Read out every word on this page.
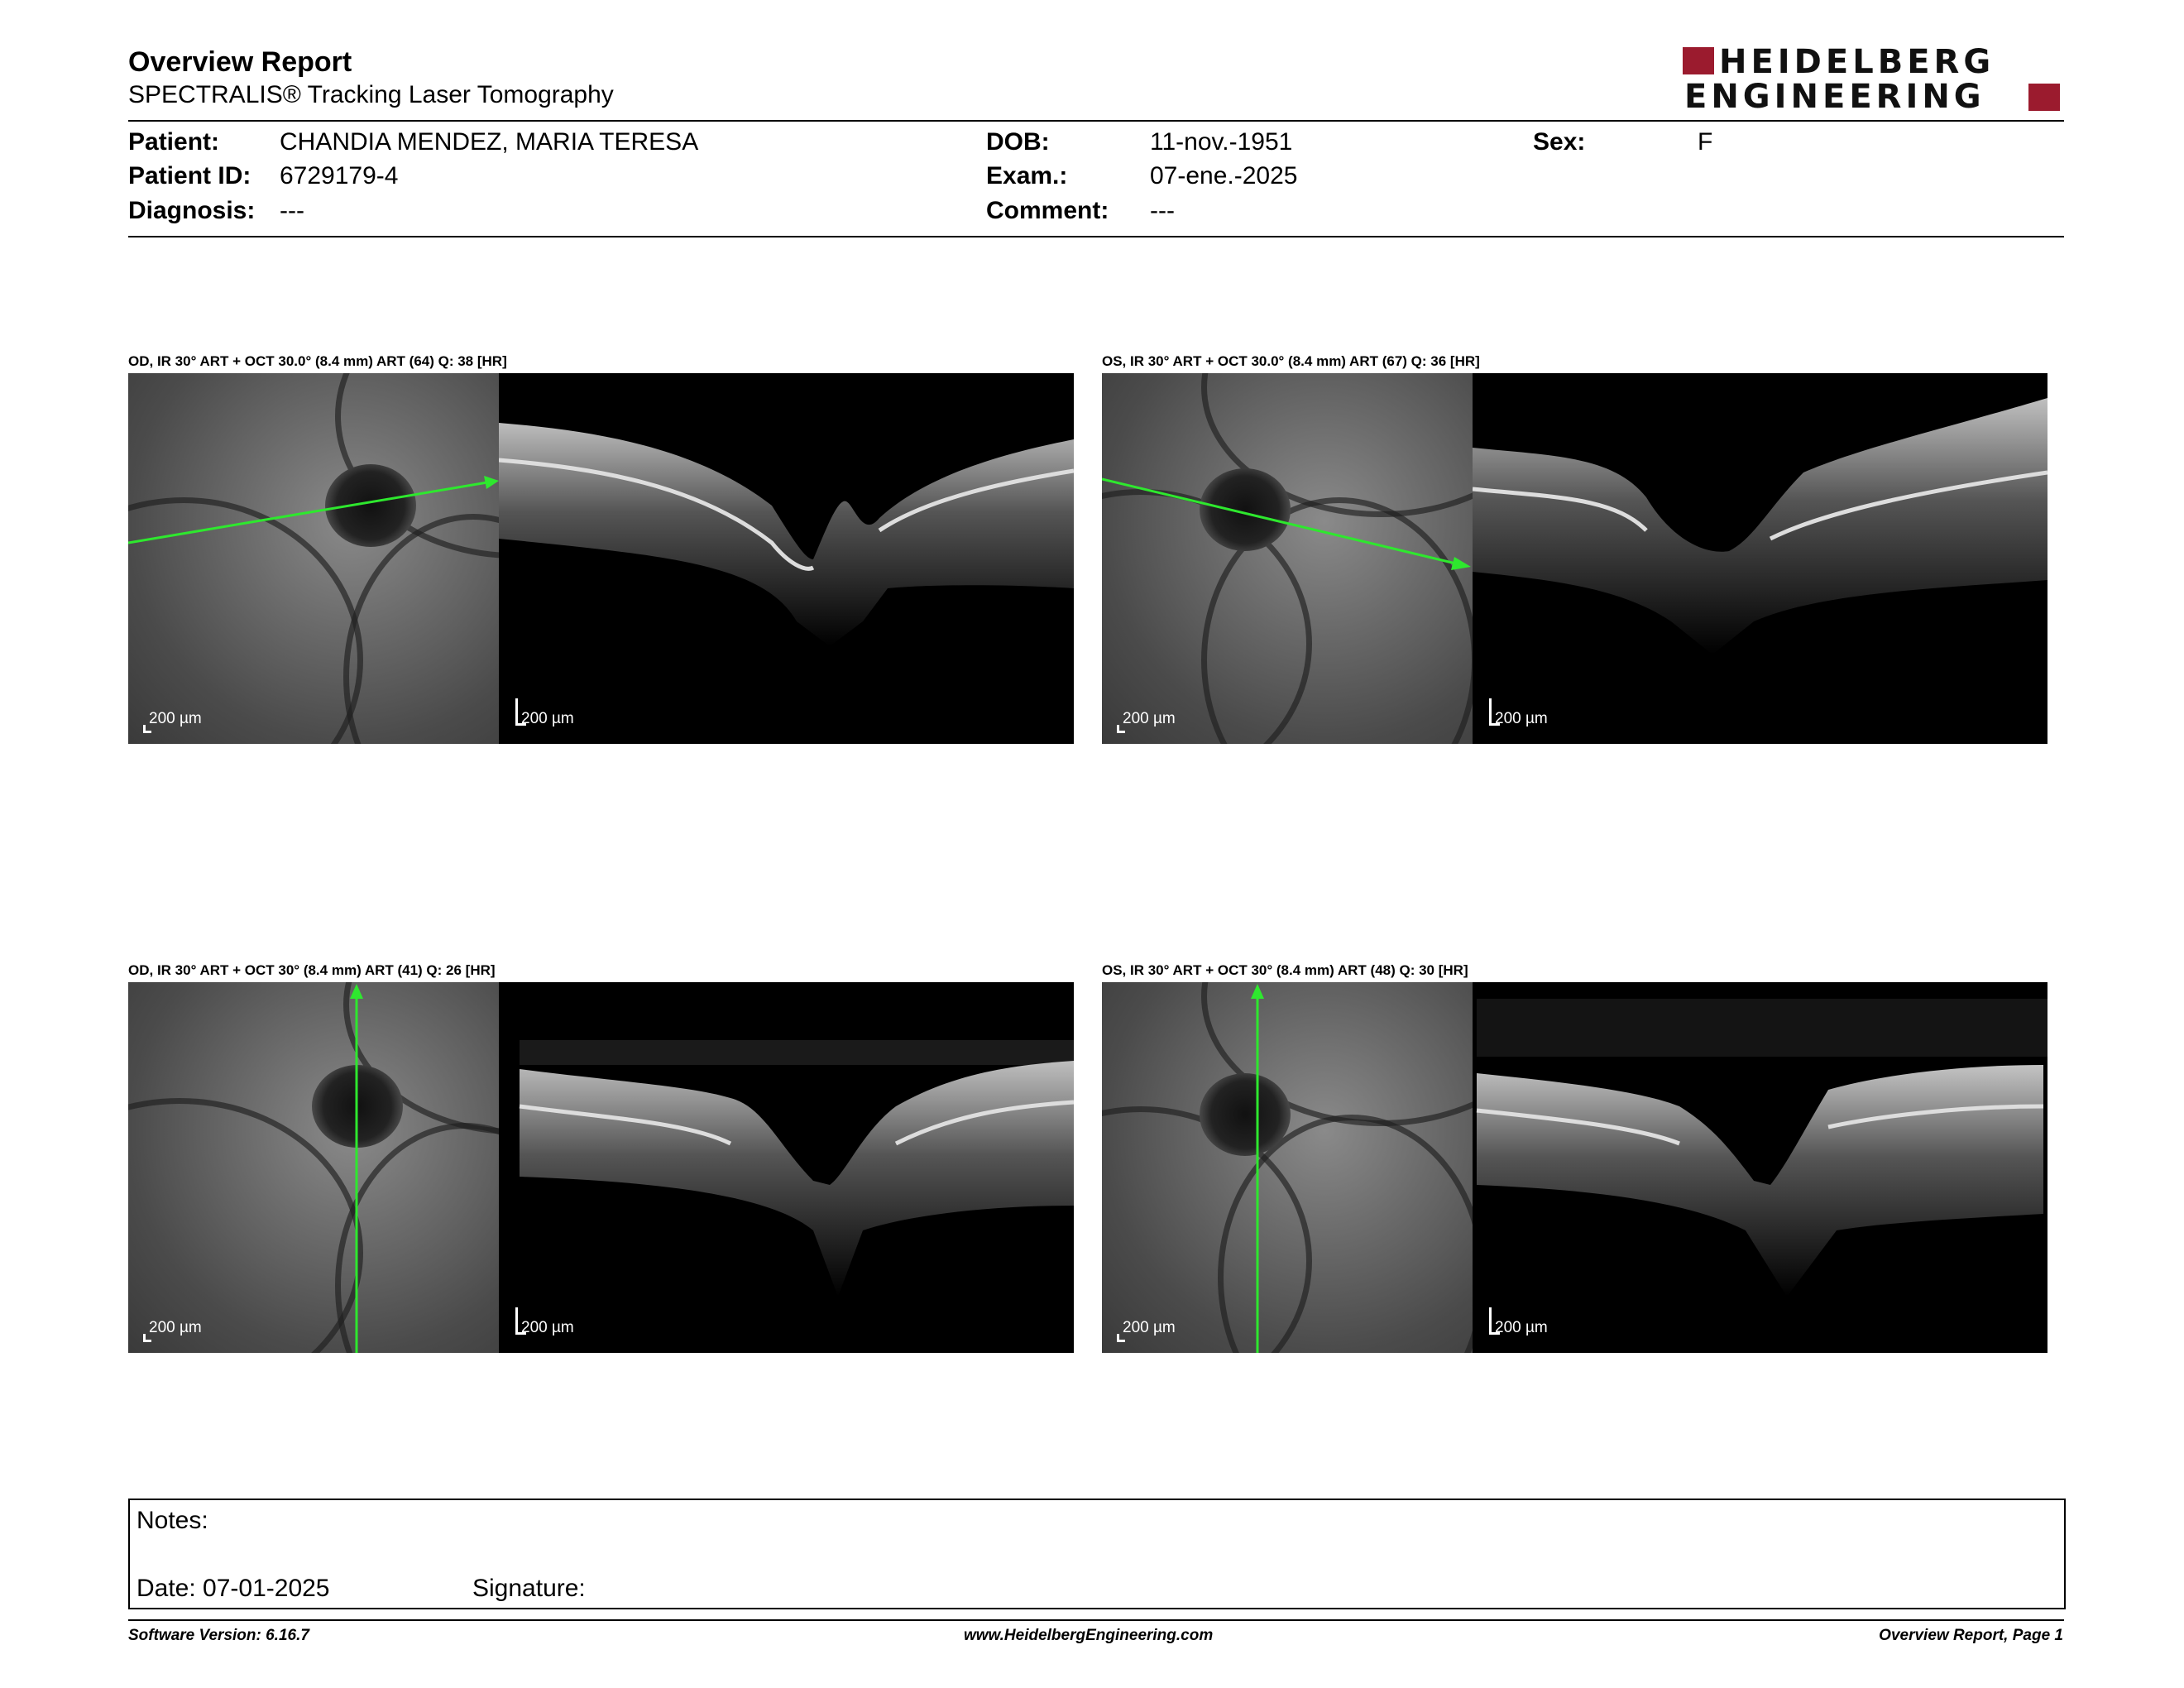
Overview Report
SPECTRALIS® Tracking Laser Tomography
HEIDELBERG
ENGINEERING
Patient: CHANDIA MENDEZ, MARIA TERESA	DOB:	11-nov.-1951	Sex:	F
Patient ID: 6729179-4	Exam.:	07-ene.-2025
Diagnosis: ---	Comment: ---
OD, IR 30° ART + OCT 30.0° (8.4 mm) ART (64) Q: 38 [HR]
200 µm	200 µm
OS, IR 30° ART + OCT 30.0° (8.4 mm) ART (67) Q: 36 [HR]
200 µm	200 µm
OD, IR 30° ART + OCT 30° (8.4 mm) ART (41) Q: 26 [HR]
200 µm	200 µm
OS, IR 30° ART + OCT 30° (8.4 mm) ART (48) Q: 30 [HR]
200 µm	200 µm
Notes:
Date: 07-01-2025	Signature:
Software Version: 6.16.7	www.HeidelbergEngineering.com	Overview Report, Page 1
